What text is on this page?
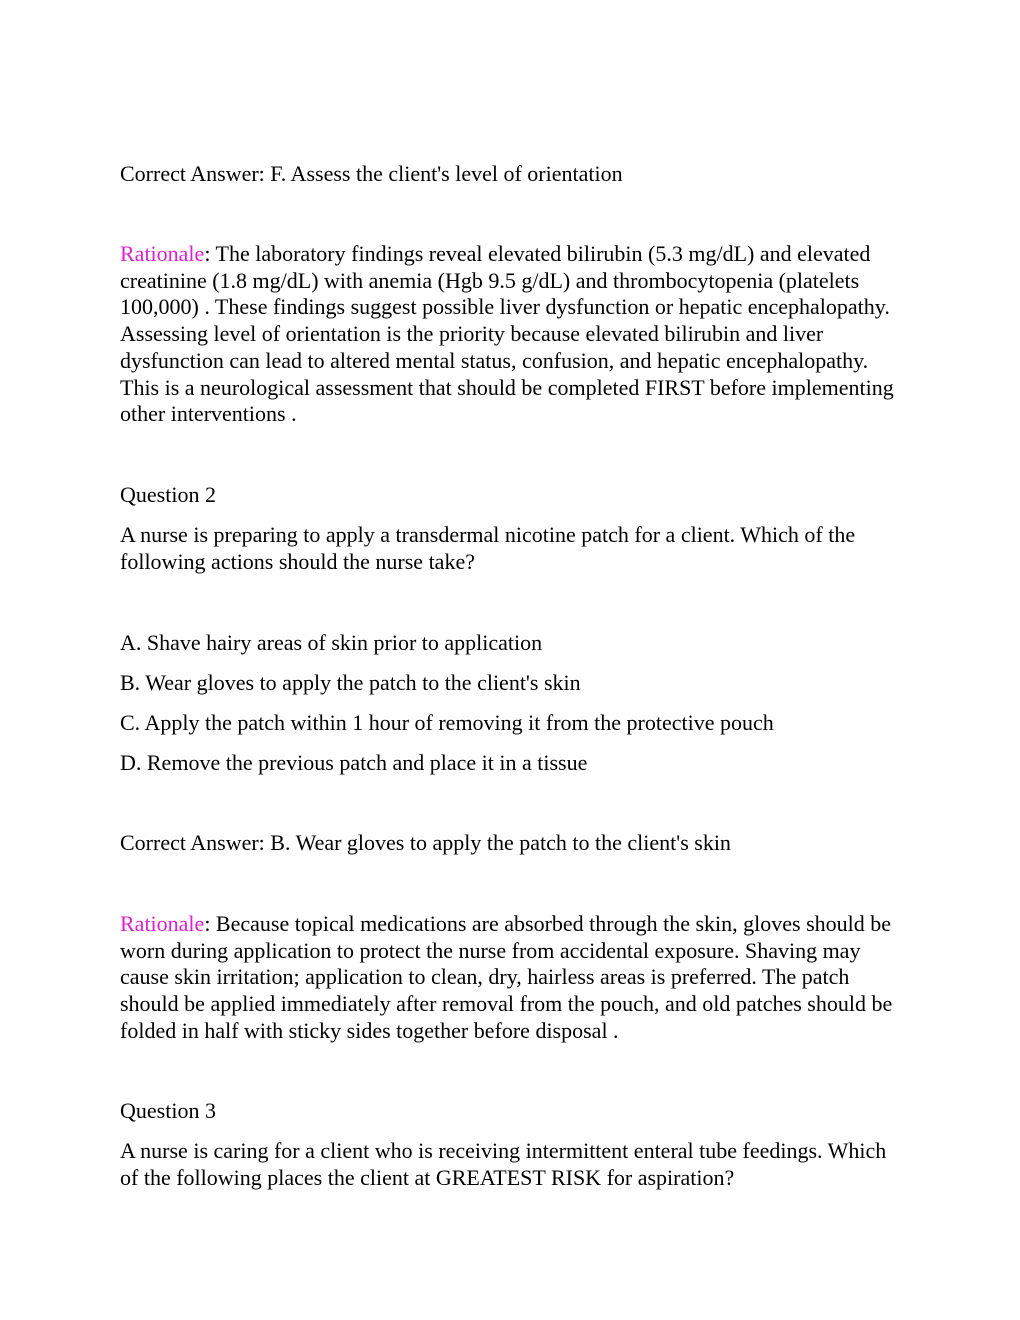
Correct Answer: F. Assess the client's level of orientation

Rationale: The laboratory findings reveal elevated bilirubin (5.3 mg/dL) and elevated creatinine (1.8 mg/dL) with anemia (Hgb 9.5 g/dL) and thrombocytopenia (platelets 100,000) . These findings suggest possible liver dysfunction or hepatic encephalopathy. Assessing level of orientation is the priority because elevated bilirubin and liver dysfunction can lead to altered mental status, confusion, and hepatic encephalopathy. This is a neurological assessment that should be completed FIRST before implementing other interventions .

Question 2

A nurse is preparing to apply a transdermal nicotine patch for a client. Which of the following actions should the nurse take?

A. Shave hairy areas of skin prior to application

B. Wear gloves to apply the patch to the client's skin

C. Apply the patch within 1 hour of removing it from the protective pouch

D. Remove the previous patch and place it in a tissue

Correct Answer: B. Wear gloves to apply the patch to the client's skin

Rationale: Because topical medications are absorbed through the skin, gloves should be worn during application to protect the nurse from accidental exposure. Shaving may cause skin irritation; application to clean, dry, hairless areas is preferred. The patch should be applied immediately after removal from the pouch, and old patches should be folded in half with sticky sides together before disposal .

Question 3

A nurse is caring for a client who is receiving intermittent enteral tube feedings. Which of the following places the client at GREATEST RISK for aspiration?
